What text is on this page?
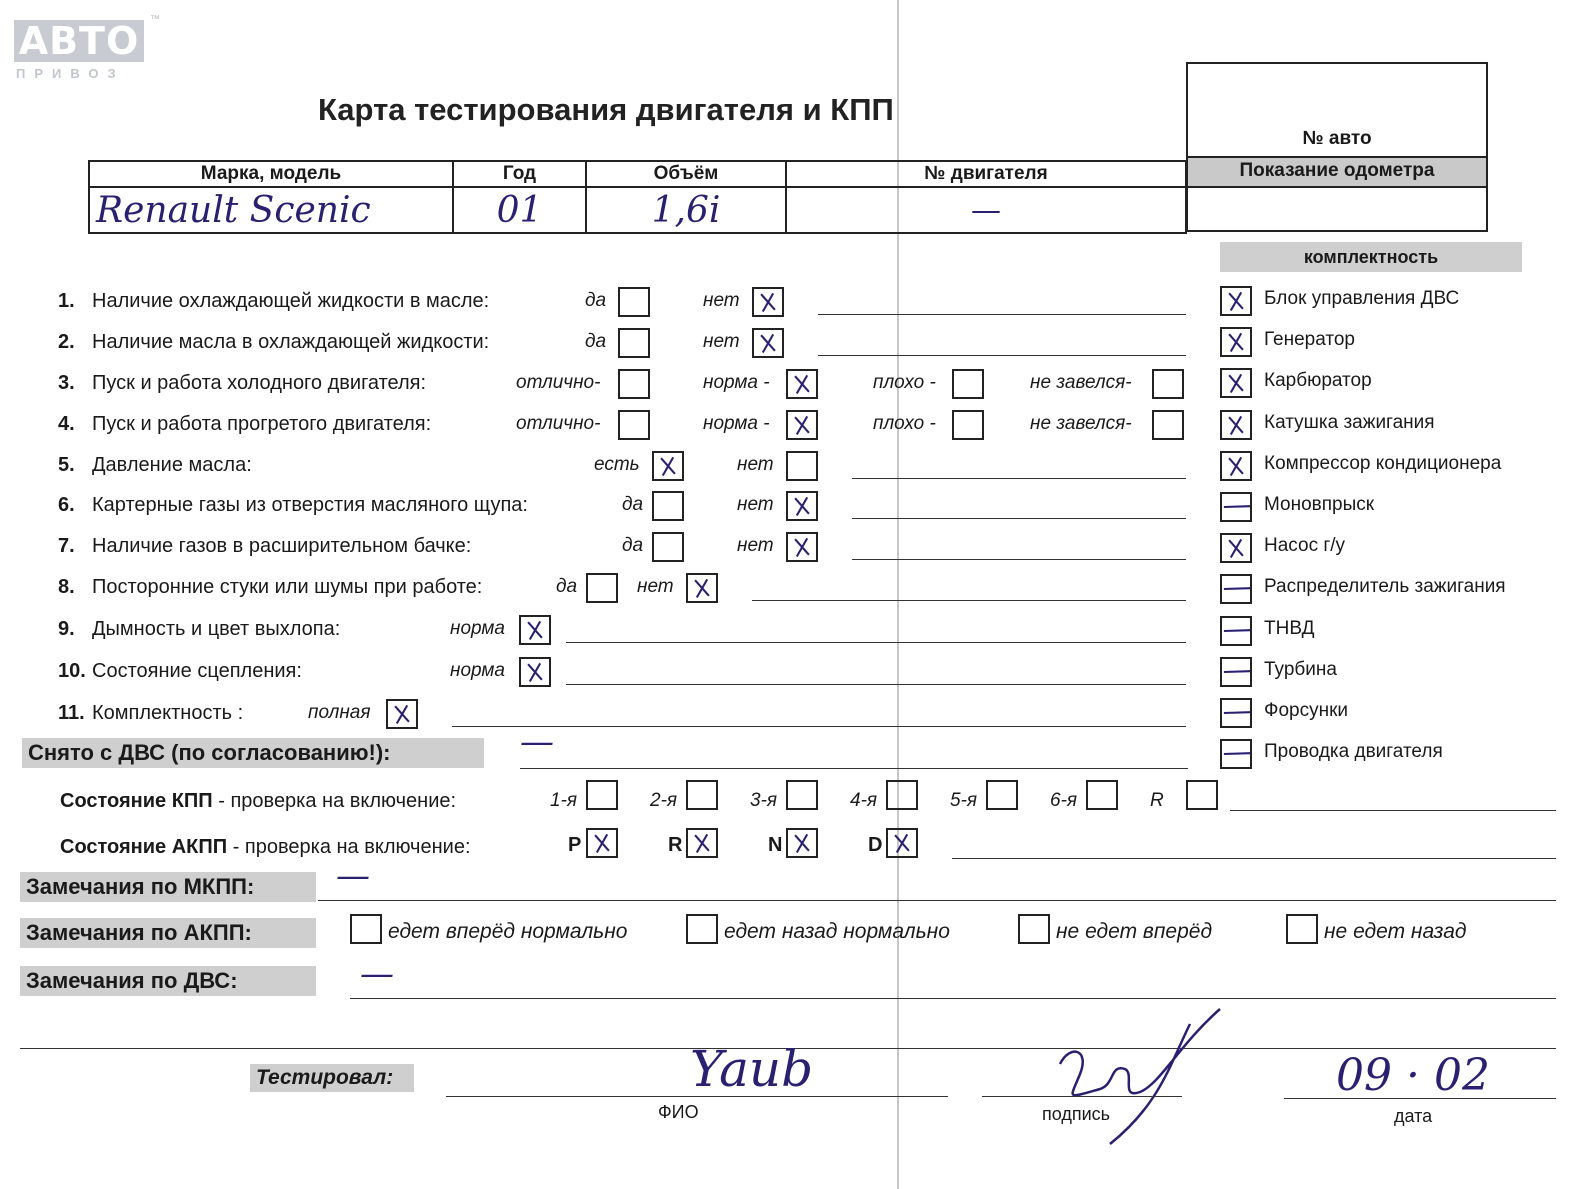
АВТО	™
ПРИВОЗ
Карта тестирования двигателя и КПП
Марка, модель	Год	Объём	№ двигателя
Renault Scenic	01	1,6i	—
№ авто
Показание одометра
комплектность
1. Наличие охлаждающей жидкости в масле:	да	нет
2. Наличие масла в охлаждающей жидкости:	да	нет
3. Пуск и работа холодного двигателя:	отлично-	норма -	плохо -	не завелся-
4. Пуск и работа прогретого двигателя:	отлично-	норма -	плохо -	не завелся-
5. Давление масла:	есть	нет
6. Картерные газы из отверстия масляного щупа:	да	нет
7. Наличие газов в расширительном бачке:	да	нет
8. Посторонние стуки или шумы при работе:	да	нет
9. Дымность и цвет выхлопа:	норма
10. Состояние сцепления:	норма
11. Комплектность :	полная
Блок управления ДВС
Генератор
Карбюратор
Катушка зажигания
Компрессор кондиционера
Моновпрыск
Насос г/у
Распределитель зажигания
ТНВД
Турбина
Форсунки
Проводка двигателя
Снято с ДВС (по согласованию!):	—
Состояние КПП - проверка на включение:	1-я	2-я	3-я	4-я	5-я	6-я	R
Состояние АКПП - проверка на включение:	P	R	N	D
Замечания по МКПП:	—
Замечания по АКПП:	едет вперёд нормально	едет назад нормально	не едет вперёд	не едет назад
Замечания по ДВС:	—
Тестировал:	Yaub
ФИО	подпись
09 · 02
дата
